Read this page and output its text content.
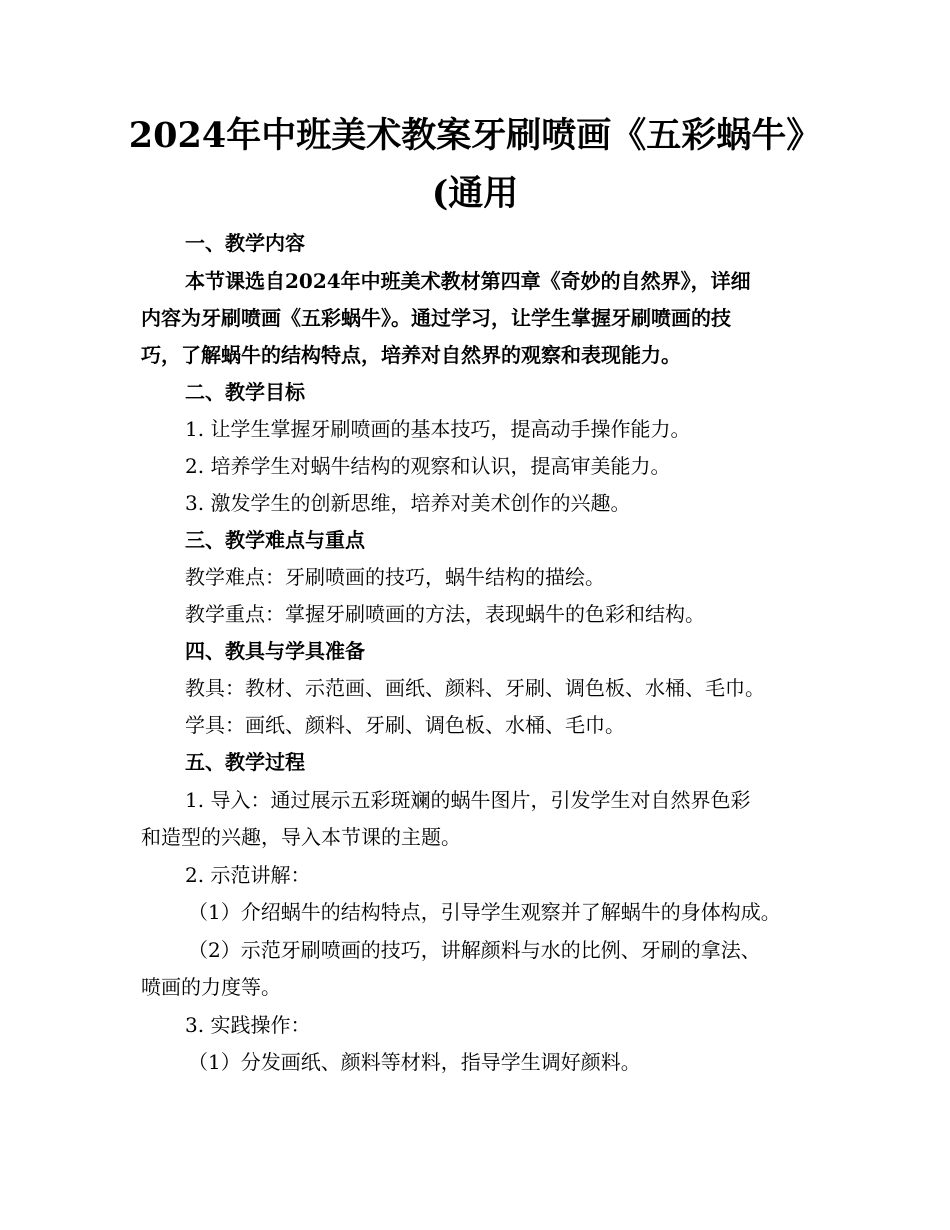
2024年中班美术教案牙刷喷画《五彩蜗牛》
(通用
一、教学内容
本节课选自2024年中班美术教材第四章《奇妙的自然界》，详细
内容为牙刷喷画《五彩蜗牛》。通过学习，让学生掌握牙刷喷画的技
巧，了解蜗牛的结构特点，培养对自然界的观察和表现能力。
二、教学目标
1. 让学生掌握牙刷喷画的基本技巧，提高动手操作能力。
2. 培养学生对蜗牛结构的观察和认识，提高审美能力。
3. 激发学生的创新思维，培养对美术创作的兴趣。
三、教学难点与重点
教学难点：牙刷喷画的技巧，蜗牛结构的描绘。
教学重点：掌握牙刷喷画的方法，表现蜗牛的色彩和结构。
四、教具与学具准备
教具：教材、示范画、画纸、颜料、牙刷、调色板、水桶、毛巾。
学具：画纸、颜料、牙刷、调色板、水桶、毛巾。
五、教学过程
1. 导入：通过展示五彩斑斓的蜗牛图片，引发学生对自然界色彩
和造型的兴趣，导入本节课的主题。
2. 示范讲解：
（1）介绍蜗牛的结构特点，引导学生观察并了解蜗牛的身体构成。
（2）示范牙刷喷画的技巧，讲解颜料与水的比例、牙刷的拿法、
喷画的力度等。
3. 实践操作：
（1）分发画纸、颜料等材料，指导学生调好颜料。
